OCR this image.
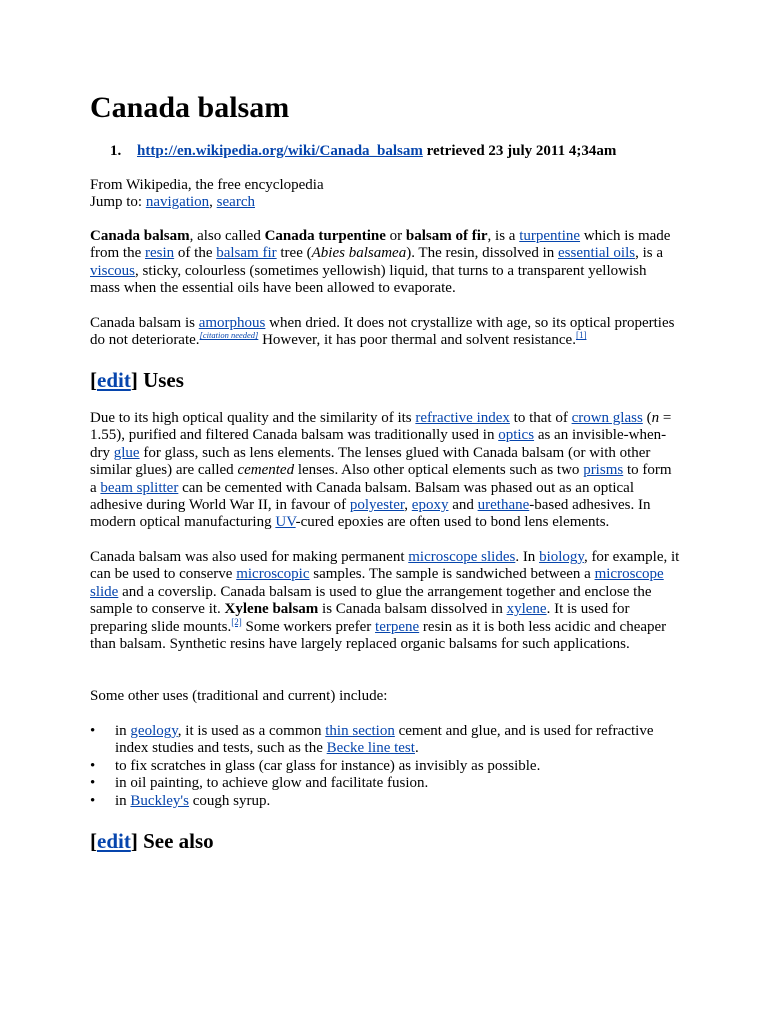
Canada balsam
1. http://en.wikipedia.org/wiki/Canada_balsam retrieved 23 july 2011 4;34am

From Wikipedia, the free encyclopedia

Jump to: navigation, search

Canada balsam, also called Canada turpentine or balsam of fir, is a turpentine which is made from the resin of the balsam fir tree (Abies balsamea). The resin, dissolved in essential oils, is a viscous, sticky, colourless (sometimes yellowish) liquid, that turns to a transparent yellowish mass when the essential oils have been allowed to evaporate.

Canada balsam is amorphous when dried. It does not crystallize with age, so its optical properties do not deteriorate.[citation needed] However, it has poor thermal and solvent resistance.[1]

[edit] Uses

Due to its high optical quality and the similarity of its refractive index to that of crown glass (n = 1.55), purified and filtered Canada balsam was traditionally used in optics as an invisible-when-dry glue for glass, such as lens elements. The lenses glued with Canada balsam (or with other similar glues) are called cemented lenses. Also other optical elements such as two prisms to form a beam splitter can be cemented with Canada balsam. Balsam was phased out as an optical adhesive during World War II, in favour of polyester, epoxy and urethane-based adhesives. In modern optical manufacturing UV-cured epoxies are often used to bond lens elements.

Canada balsam was also used for making permanent microscope slides. In biology, for example, it can be used to conserve microscopic samples. The sample is sandwiched between a microscope slide and a coverslip. Canada balsam is used to glue the arrangement together and enclose the sample to conserve it. Xylene balsam is Canada balsam dissolved in xylene. It is used for preparing slide mounts.[2] Some workers prefer terpene resin as it is both less acidic and cheaper than balsam. Synthetic resins have largely replaced organic balsams for such applications.

Some other uses (traditional and current) include:

• in geology, it is used as a common thin section cement and glue, and is used for refractive index studies and tests, such as the Becke line test.
• to fix scratches in glass (car glass for instance) as invisibly as possible.
• in oil painting, to achieve glow and facilitate fusion.
• in Buckley's cough syrup.
[edit] See also
